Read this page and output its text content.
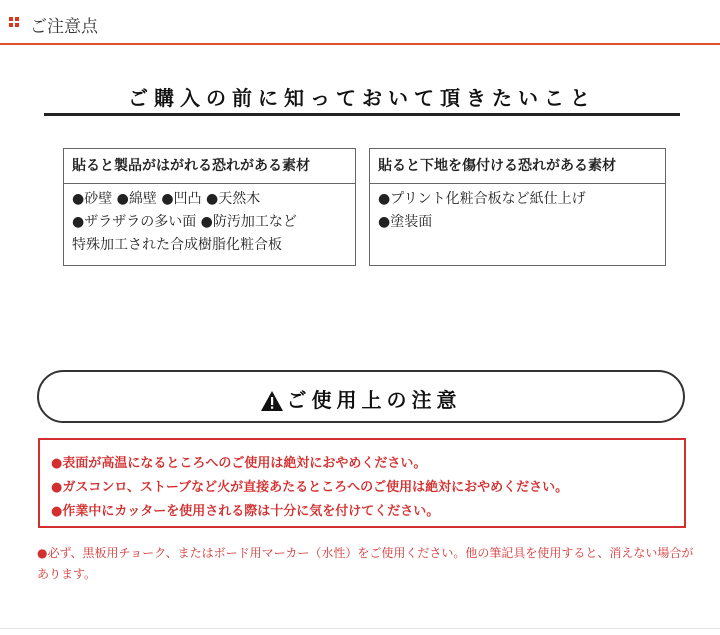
ご注意点
ご購入の前に知っておいて頂きたいこと
貼ると製品がはがれる恐れがある素材
●砂壁 ●綿壁 ●凹凸 ●天然木
●ザラザラの多い面 ●防汚加工など
特殊加工された合成樹脂化粧合板
貼ると下地を傷付ける恐れがある素材
●プリント化粧合板など紙仕上げ
●塗装面
ご使用上の注意
●表面が高温になるところへのご使用は絶対におやめください。
●ガスコンロ、ストーブなど火が直接あたるところへのご使用は絶対におやめください。
●作業中にカッターを使用される際は十分に気を付けてください。
●必ず、黒板用チョーク、またはボード用マーカー（水性）をご使用ください。他の筆記具を使用すると、消えない場合があります。
